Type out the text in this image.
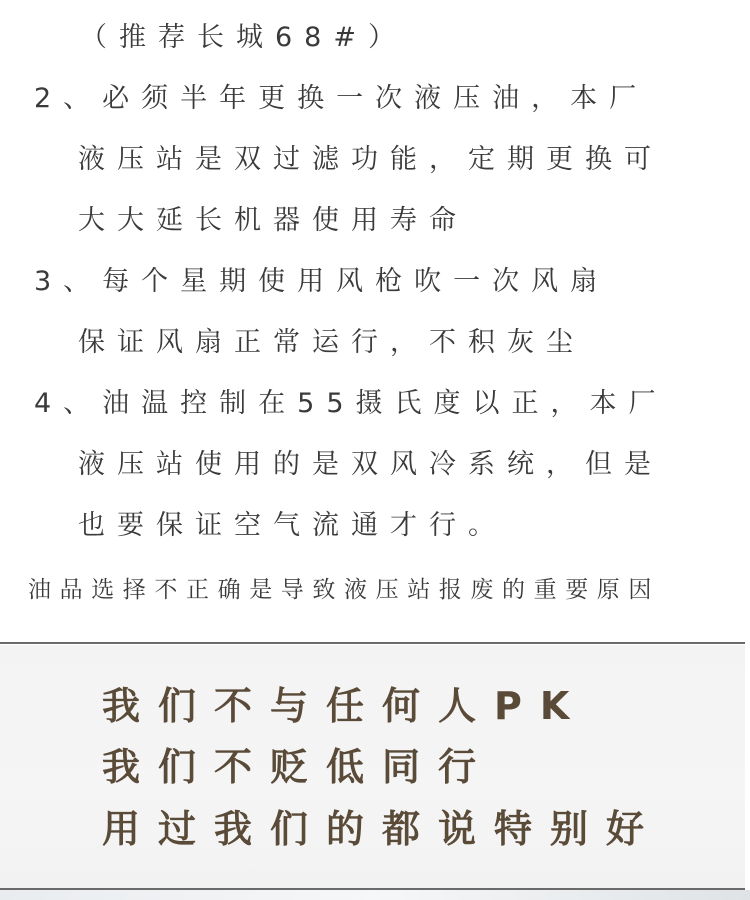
（推荐长城68#）
2、必须半年更换一次液压油，本厂
液压站是双过滤功能，定期更换可
大大延长机器使用寿命
3、每个星期使用风枪吹一次风扇
保证风扇正常运行，不积灰尘
4、油温控制在55摄氏度以正，本厂
液压站使用的是双风冷系统，但是
也要保证空气流通才行。
油品选择不正确是导致液压站报废的重要原因
我们不与任何人PK
我们不贬低同行
用过我们的都说特别好
